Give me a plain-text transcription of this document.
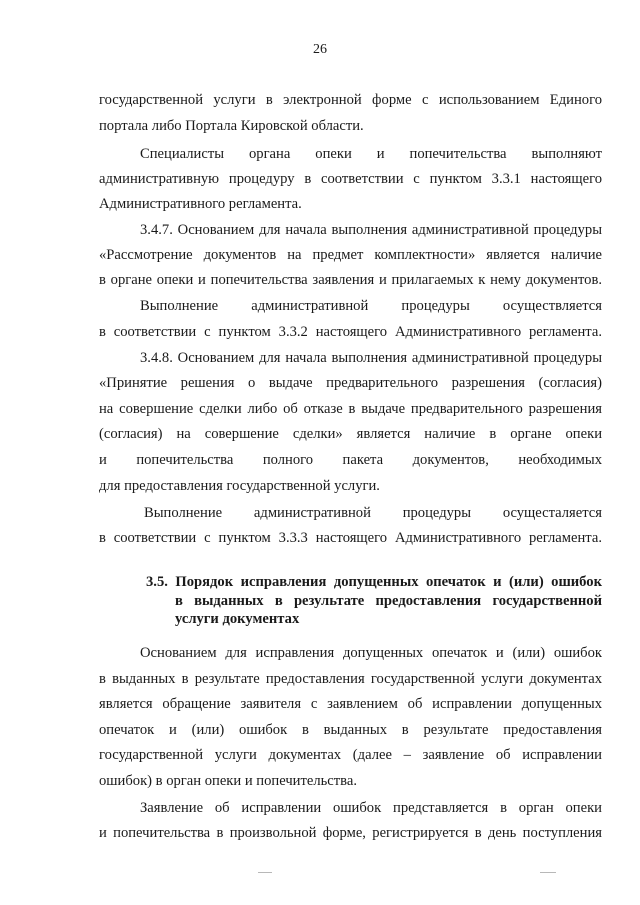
26
государственной услуги в электронной форме с использованием Единого
портала либо Портала Кировской области.
Специалисты органа опеки и попечительства выполняют
административную процедуру в соответствии с пунктом 3.3.1 настоящего
Административного регламента.
3.4.7. Основанием для начала выполнения административной процедуры
«Рассмотрение документов на предмет комплектности» является наличие
в органе опеки и попечительства заявления и прилагаемых к нему документов.
Выполнение административной процедуры осуществляется
в соответствии с пунктом 3.3.2 настоящего Административного регламента.
3.4.8. Основанием для начала выполнения административной процедуры
«Принятие решения о выдаче предварительного разрешения (согласия)
на совершение сделки либо об отказе в выдаче предварительного разрешения
(согласия) на совершение сделки» является наличие в органе опеки
и попечительства полного пакета документов, необходимых
для предоставления государственной услуги.
Выполнение административной процедуры осущесталяется
в соответствии с пунктом 3.3.3 настоящего Административного регламента.
3.5. Порядок исправления допущенных опечаток и (или) ошибок
в выданных в результате предоставления государственной
услуги документах
Основанием для исправления допущенных опечаток и (или) ошибок
в выданных в результате предоставления государственной услуги документах
является обращение заявителя с заявлением об исправлении допущенных
опечаток и (или) ошибок в выданных в результате предоставления
государственной услуги документах (далее – заявление об исправлении
ошибок) в орган опеки и попечительства.
Заявление об исправлении ошибок представляется в орган опеки
и попечительства в произвольной форме, регистрируется в день поступления
